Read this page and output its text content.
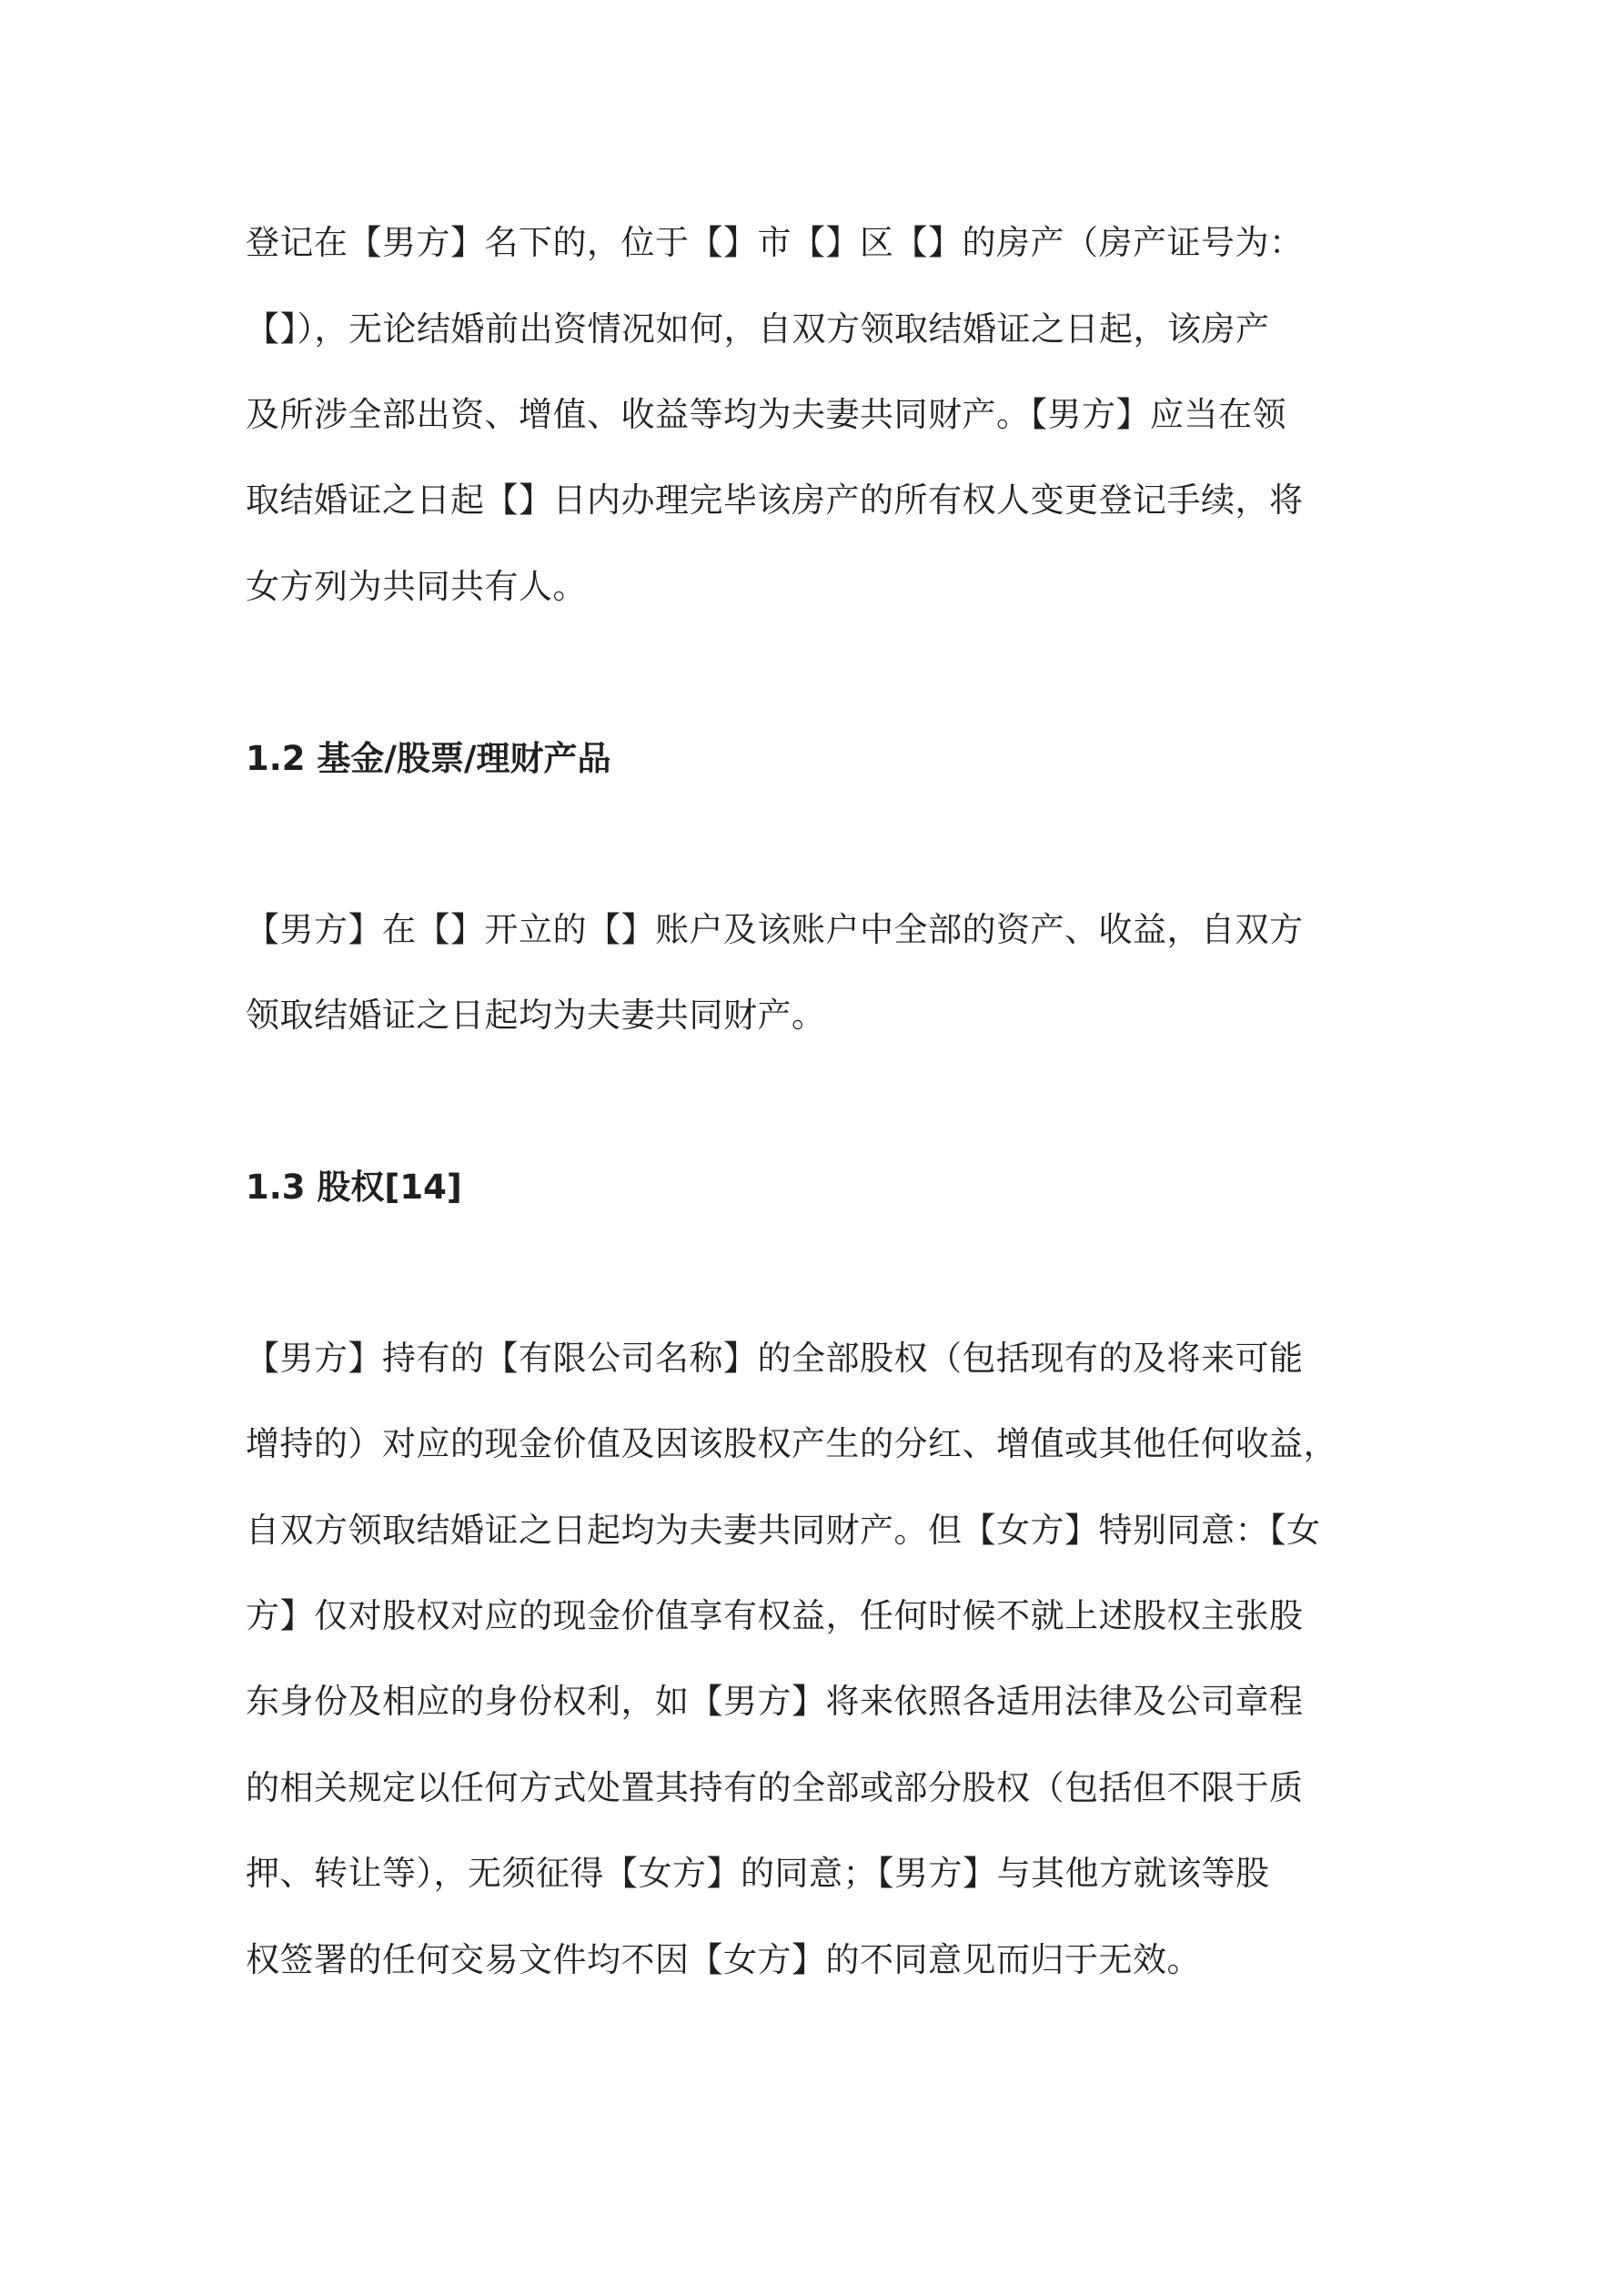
登记在【男方】名下的，位于【】市【】区【】的房产（房产证号为：
【】），无论结婚前出资情况如何，自双方领取结婚证之日起，该房产
及所涉全部出资、增值、收益等均为夫妻共同财产。【男方】应当在领
取结婚证之日起【】日内办理完毕该房产的所有权人变更登记手续，将
女方列为共同共有人。
1.2 基金/股票/理财产品
【男方】在【】开立的【】账户及该账户中全部的资产、收益，自双方
领取结婚证之日起均为夫妻共同财产。
1.3 股权[14]
【男方】持有的【有限公司名称】的全部股权（包括现有的及将来可能
增持的）对应的现金价值及因该股权产生的分红、增值或其他任何收益，
自双方领取结婚证之日起均为夫妻共同财产。但【女方】特别同意：【女
方】仅对股权对应的现金价值享有权益，任何时候不就上述股权主张股
东身份及相应的身份权利，如【男方】将来依照各适用法律及公司章程
的相关规定以任何方式处置其持有的全部或部分股权（包括但不限于质
押、转让等），无须征得【女方】的同意；【男方】与其他方就该等股
权签署的任何交易文件均不因【女方】的不同意见而归于无效。
